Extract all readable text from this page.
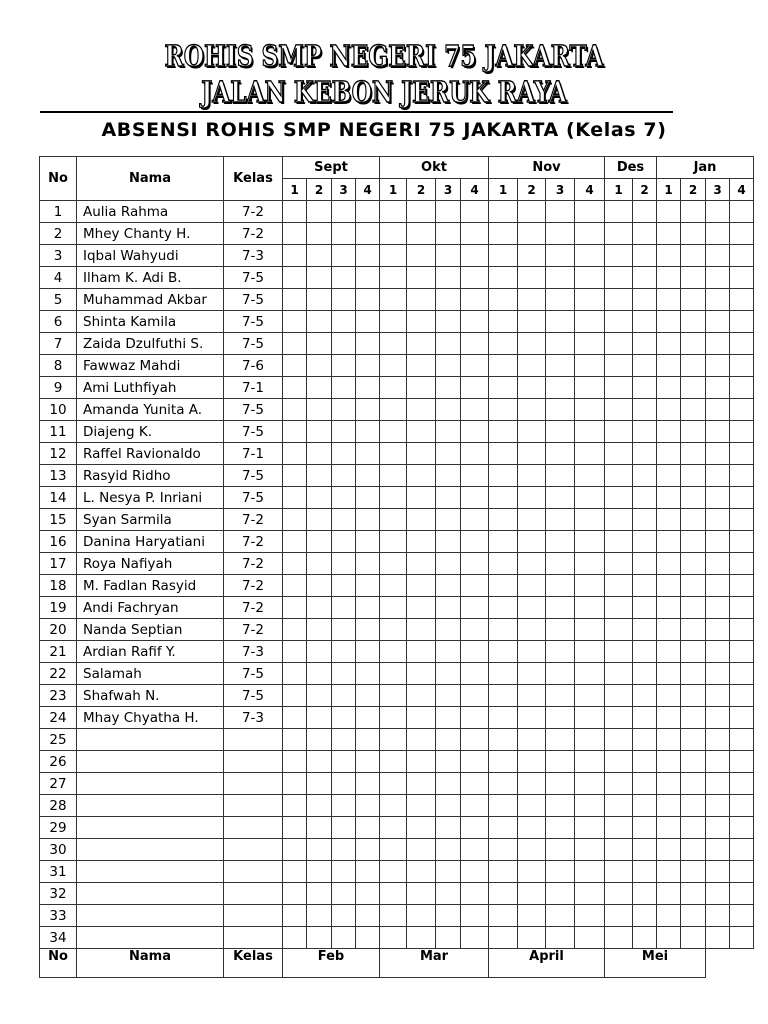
ROHIS SMP NEGERI 75 JAKARTA
JALAN KEBON JERUK RAYA
ABSENSI ROHIS SMP NEGERI 75 JAKARTA (Kelas 7)
No	Nama	Kelas	Sept				Okt				Nov				Des		Jan			
			1	2	3	4	1	2	3	4	1	2	3	4	1	2	1	2	3	4
1	Aulia Rahma	7-2																		
2	Mhey Chanty H.	7-2																		
3	Iqbal Wahyudi	7-3																		
4	Ilham K. Adi B.	7-5																		
5	Muhammad Akbar	7-5																		
6	Shinta Kamila	7-5																		
7	Zaida Dzulfuthi S.	7-5																		
8	Fawwaz Mahdi	7-6																		
9	Ami Luthfiyah	7-1																		
10	Amanda Yunita A.	7-5																		
11	Diajeng K.	7-5																		
12	Raffel Ravionaldo	7-1																		
13	Rasyid Ridho	7-5																		
14	L. Nesya P. Inriani	7-5																		
15	Syan Sarmila	7-2																		
16	Danina Haryatiani	7-2																		
17	Roya Nafiyah	7-2																		
18	M. Fadlan Rasyid	7-2																		
19	Andi Fachryan	7-2																		
20	Nanda Septian	7-2																		
21	Ardian Rafif Y.	7-3																		
22	Salamah	7-5																		
23	Shafwah N.	7-5																		
24	Mhay Chyatha H.	7-3																		
25																				
26																				
27																				
28																				
29																				
30																				
31																				
32																				
33																				
34																				
No	Nama	Kelas	Feb				Mar				April				Mei					
